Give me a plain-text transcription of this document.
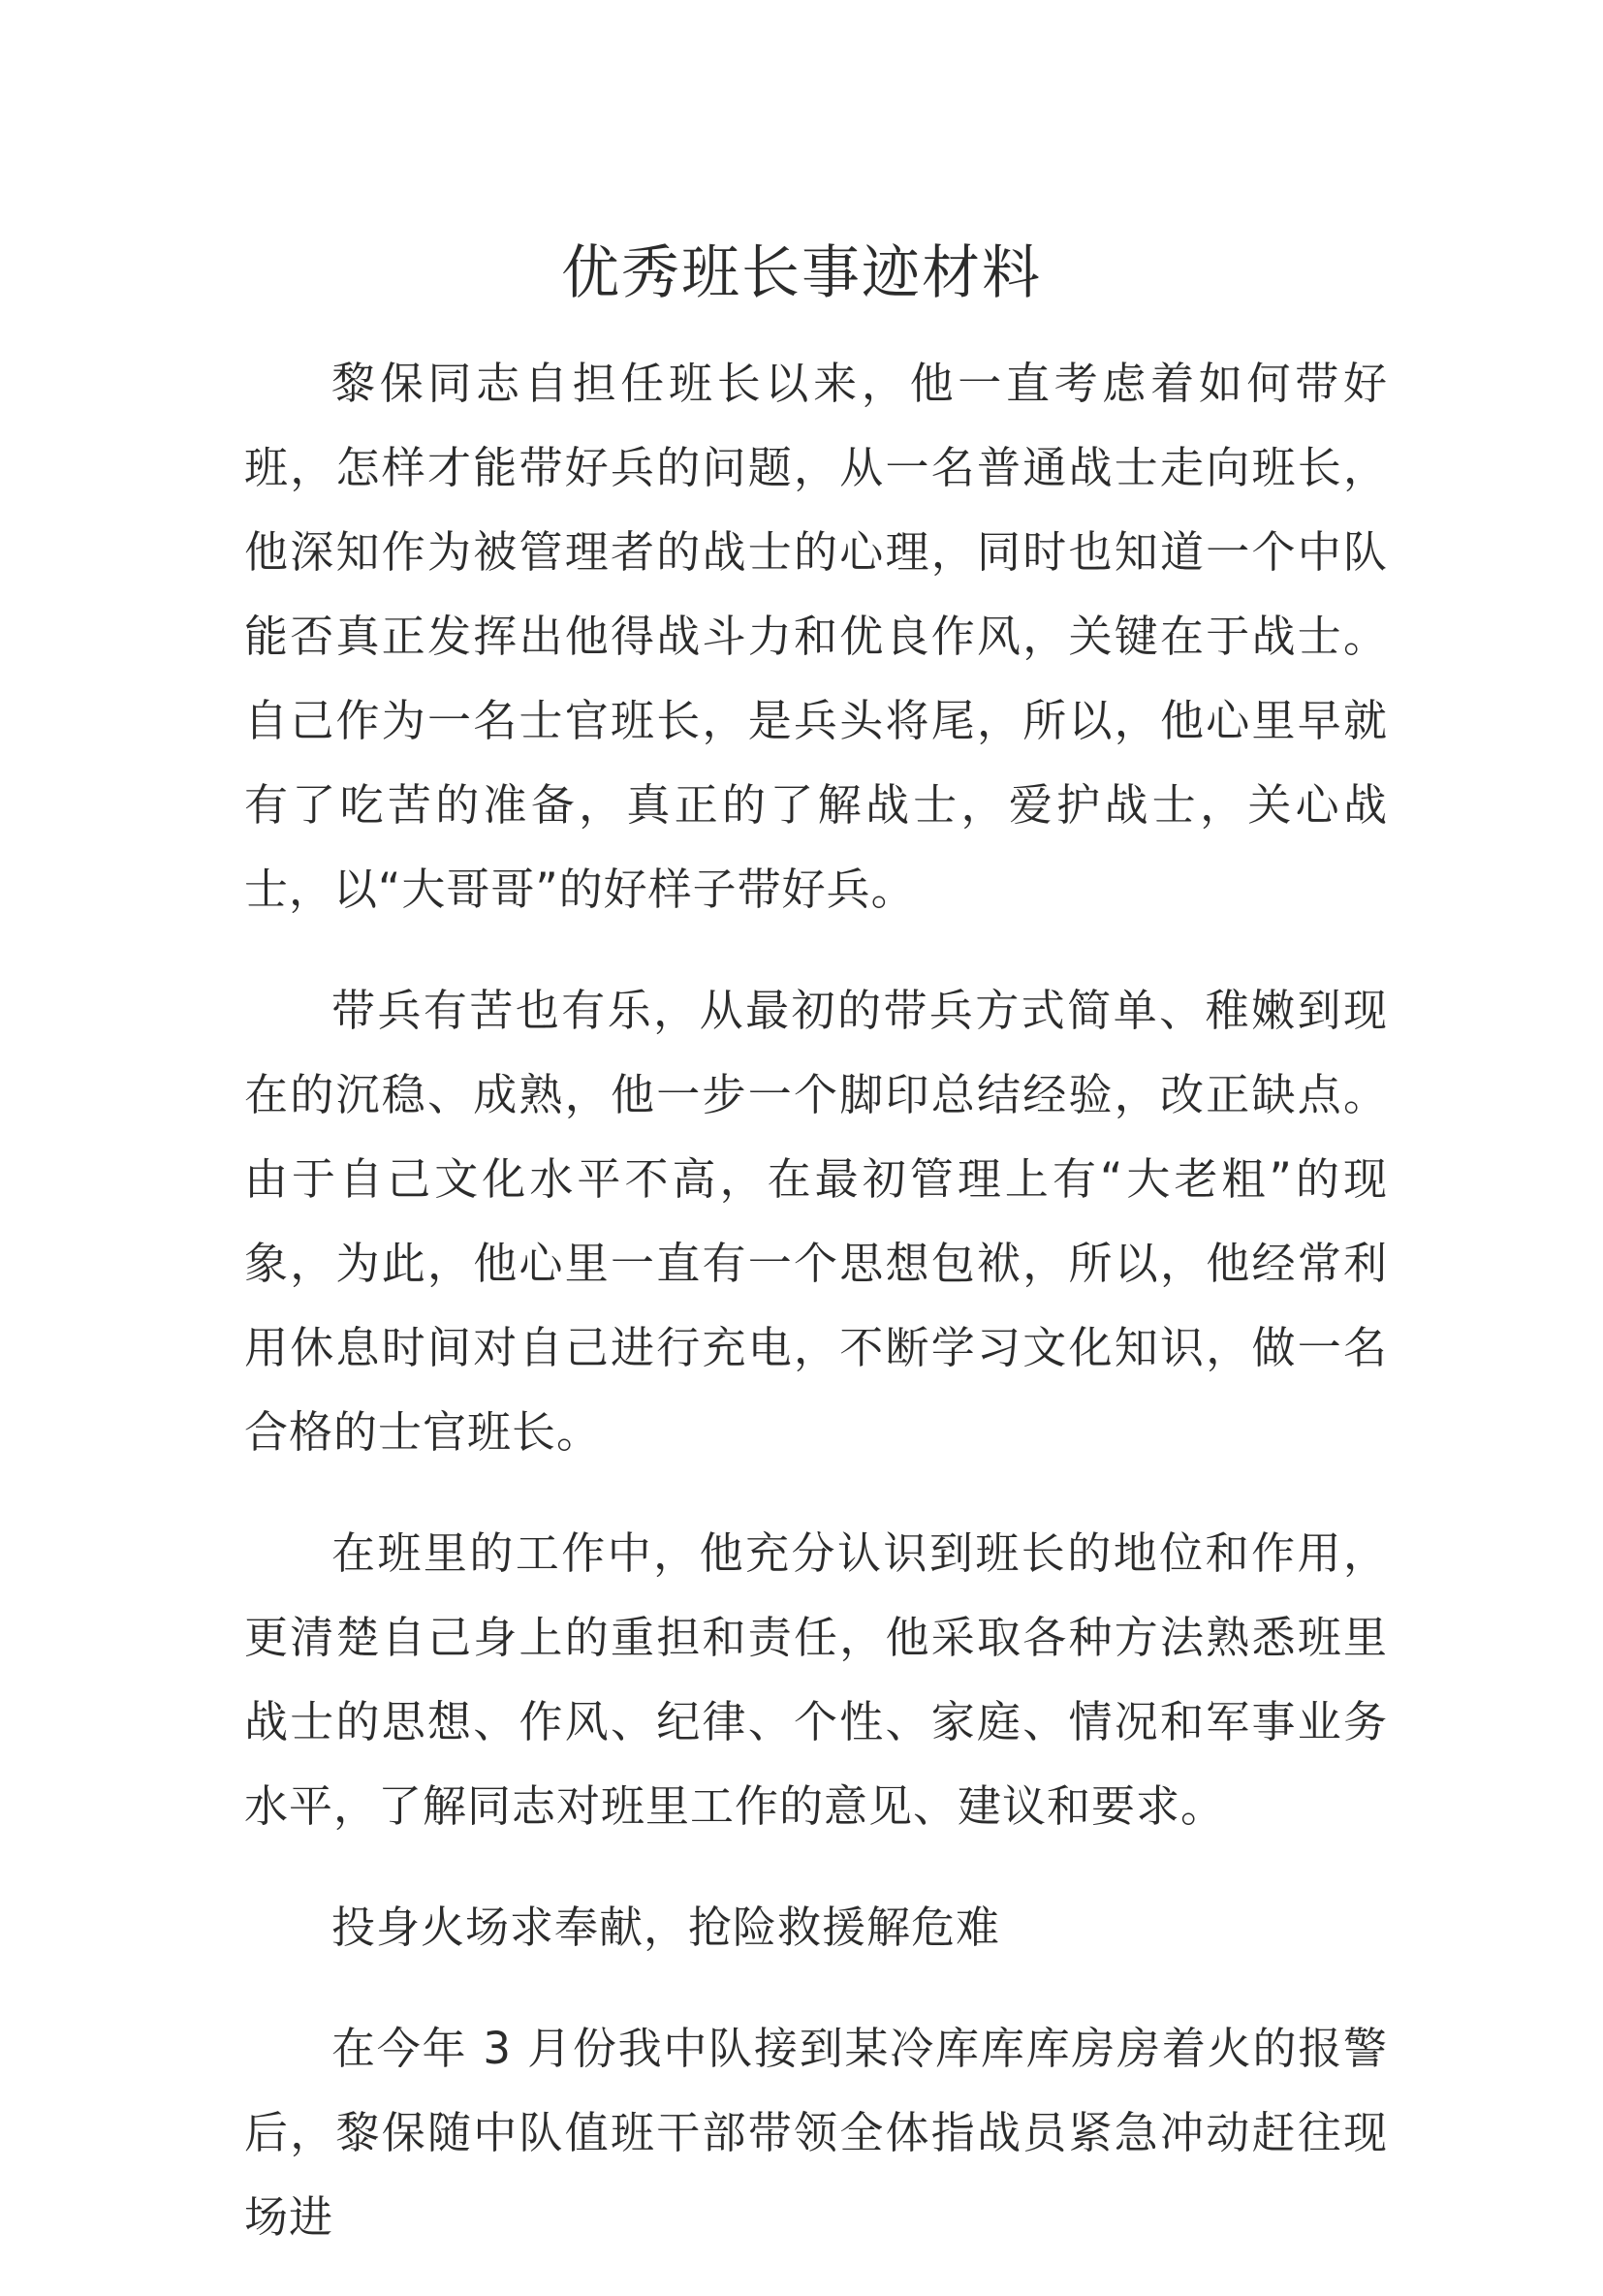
优秀班长事迹材料

黎保同志自担任班长以来，他一直考虑着如何带好班，怎样才能带好兵的问题，从一名普通战士走向班长，他深知作为被管理者的战士的心理，同时也知道一个中队能否真正发挥出他得战斗力和优良作风，关键在于战士。自己作为一名士官班长，是兵头将尾，所以，他心里早就有了吃苦的准备，真正的了解战士，爱护战士，关心战士，以“大哥哥”的好样子带好兵。

带兵有苦也有乐，从最初的带兵方式简单、稚嫩到现在的沉稳、成熟，他一步一个脚印总结经验，改正缺点。由于自己文化水平不高，在最初管理上有“大老粗”的现象，为此，他心里一直有一个思想包袱，所以，他经常利用休息时间对自己进行充电，不断学习文化知识，做一名合格的士官班长。

在班里的工作中，他充分认识到班长的地位和作用，更清楚自己身上的重担和责任，他采取各种方法熟悉班里战士的思想、作风、纪律、个性、家庭、情况和军事业务水平，了解同志对班里工作的意见、建议和要求。

投身火场求奉献，抢险救援解危难

在今年 3 月份我中队接到某冷库库库房房着火的报警后，黎保随中队值班干部带领全体指战员紧急冲动赶往现场进
